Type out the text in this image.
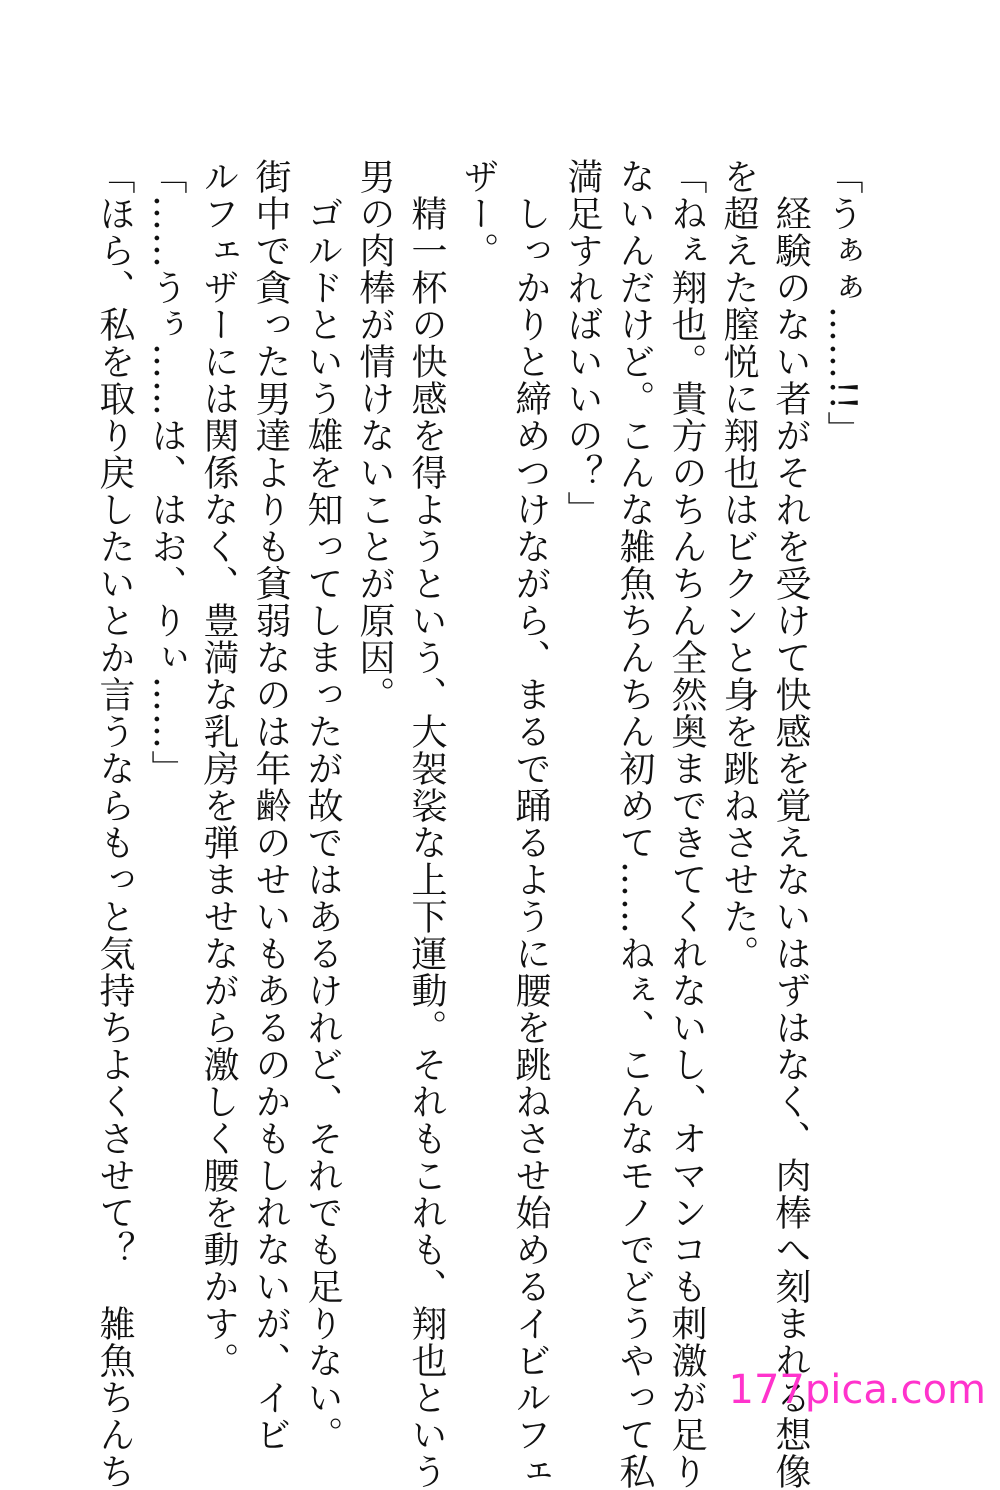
「うぁぁ……!!」
　経験のない者がそれを受けて快感を覚えないはずはなく、肉棒へ刻まれる想像
を超えた膣悦に翔也はビクンと身を跳ねさせた。
「ねぇ翔也。貴方のちんちん全然奥まできてくれないし、オマンコも刺激が足り
ないんだけど。こんな雑魚ちんちん初めて……ねぇ、こんなモノでどうやって私
満足すればいいの？」
　しっかりと締めつけながら、まるで踊るように腰を跳ねさせ始めるイビルフェ
ザー。
　精一杯の快感を得ようという、大袈裟な上下運動。それもこれも、翔也という
男の肉棒が情けないことが原因。
　ゴルドという雄を知ってしまったが故ではあるけれど、それでも足りない。
街中で貪った男達よりも貧弱なのは年齢のせいもあるのかもしれないが、イビ
ルフェザーには関係なく、豊満な乳房を弾ませながら激しく腰を動かす。
「……うぅ……は、はお、りぃ……」
「ほら、私を取り戻したいとか言うならもっと気持ちよくさせて？　雑魚ちんち	177pica.com
